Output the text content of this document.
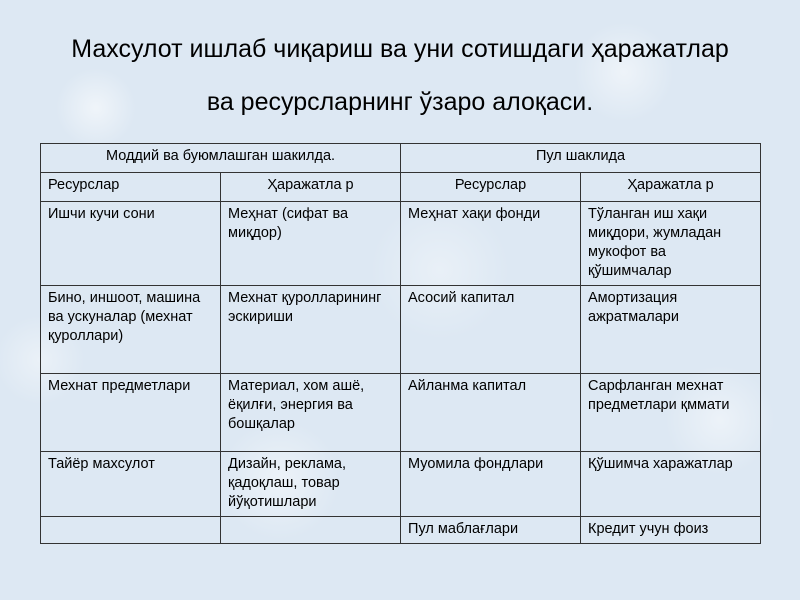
Махсулот ишлаб чиқариш ва уни сотишдаги ҳаражатлар
ва ресурсларнинг ўзаро алоқаси.
Моддий ва буюмлашган шакилда.		Пул шаклида	
Ресурслар	Ҳаражатла р	Ресурслар	Ҳаражатла р
Ишчи кучи сони	Меҳнат (сифат ва миқдор)	Меҳнат хақи фонди	Тўланган иш хақи миқдори, жумладан мукофот ва қўшимчалар
Бино, иншоот, машина ва ускуналар (мехнат қуроллари)	Мехнат қуролларининг эскириши	Асосий капитал	Амортизация ажратмалари
Мехнат предметлари	Материал, хом ашё, ёқилғи, энергия ва бошқалар	Айланма капитал	Сарфланган мехнат предметлари қммати
Тайёр махсулот	Дизайн, реклама, қадоқлаш, товар йўқотишлари	Муомила фондлари	Қўшимча харажатлар
		Пул маблағлари	Кредит учун фоиз
